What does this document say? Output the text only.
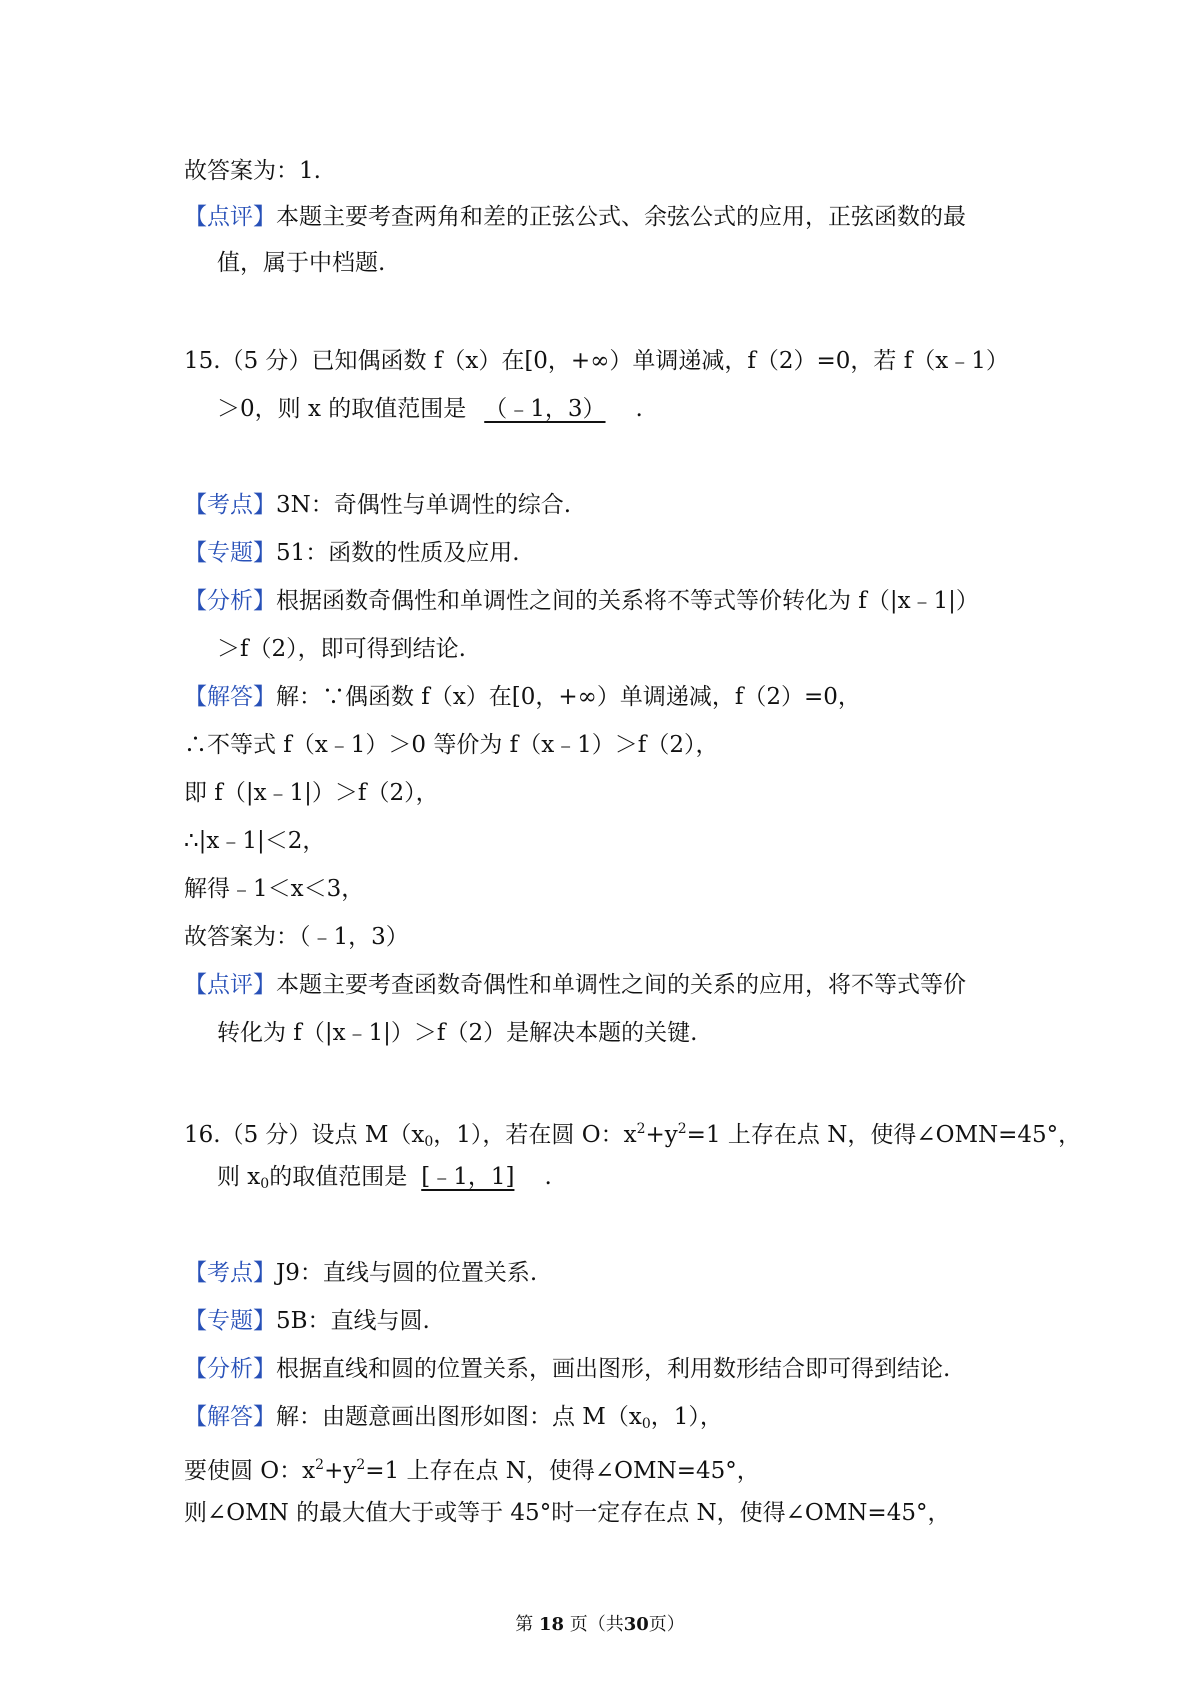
故答案为：1.
【点评】本题主要考查两角和差的正弦公式、余弦公式的应用，正弦函数的最
值，属于中档题.
15.（5 分）已知偶函数 f（x）在[0，+∞）单调递减，f（2）=0，若 f（x﹣1）
＞0，则 x 的取值范围是 （﹣1，3） .
【考点】3N：奇偶性与单调性的综合.
【专题】51：函数的性质及应用.
【分析】根据函数奇偶性和单调性之间的关系将不等式等价转化为 f（|x﹣1|）
＞f（2），即可得到结论.
【解答】解：∵偶函数 f（x）在[0，+∞）单调递减，f（2）=0，
∴不等式 f（x﹣1）＞0 等价为 f（x﹣1）＞f（2），
即 f（|x﹣1|）＞f（2），
∴|x﹣1|＜2，
解得﹣1＜x＜3，
故答案为：（﹣1，3）
【点评】本题主要考查函数奇偶性和单调性之间的关系的应用，将不等式等价
转化为 f（|x﹣1|）＞f（2）是解决本题的关键.
16.（5 分）设点 $M(x_0$，1），若在圆 O：$x^2+y^2=1$ 上存在点 N，使得∠OMN=45°，
则 $x_0$的取值范围是 [﹣1，1] .
【考点】J9：直线与圆的位置关系.
【专题】5B：直线与圆.
【分析】根据直线和圆的位置关系，画出图形，利用数形结合即可得到结论.
【解答】解：由题意画出图形如图：点 $M(x_0$，1），
要使圆 O：$x^2+y^2=1$ 上存在点 N，使得∠OMN=45°，
则∠OMN 的最大值大于或等于 45°时一定存在点 N，使得∠OMN=45°，
第 18 页（共30页）
